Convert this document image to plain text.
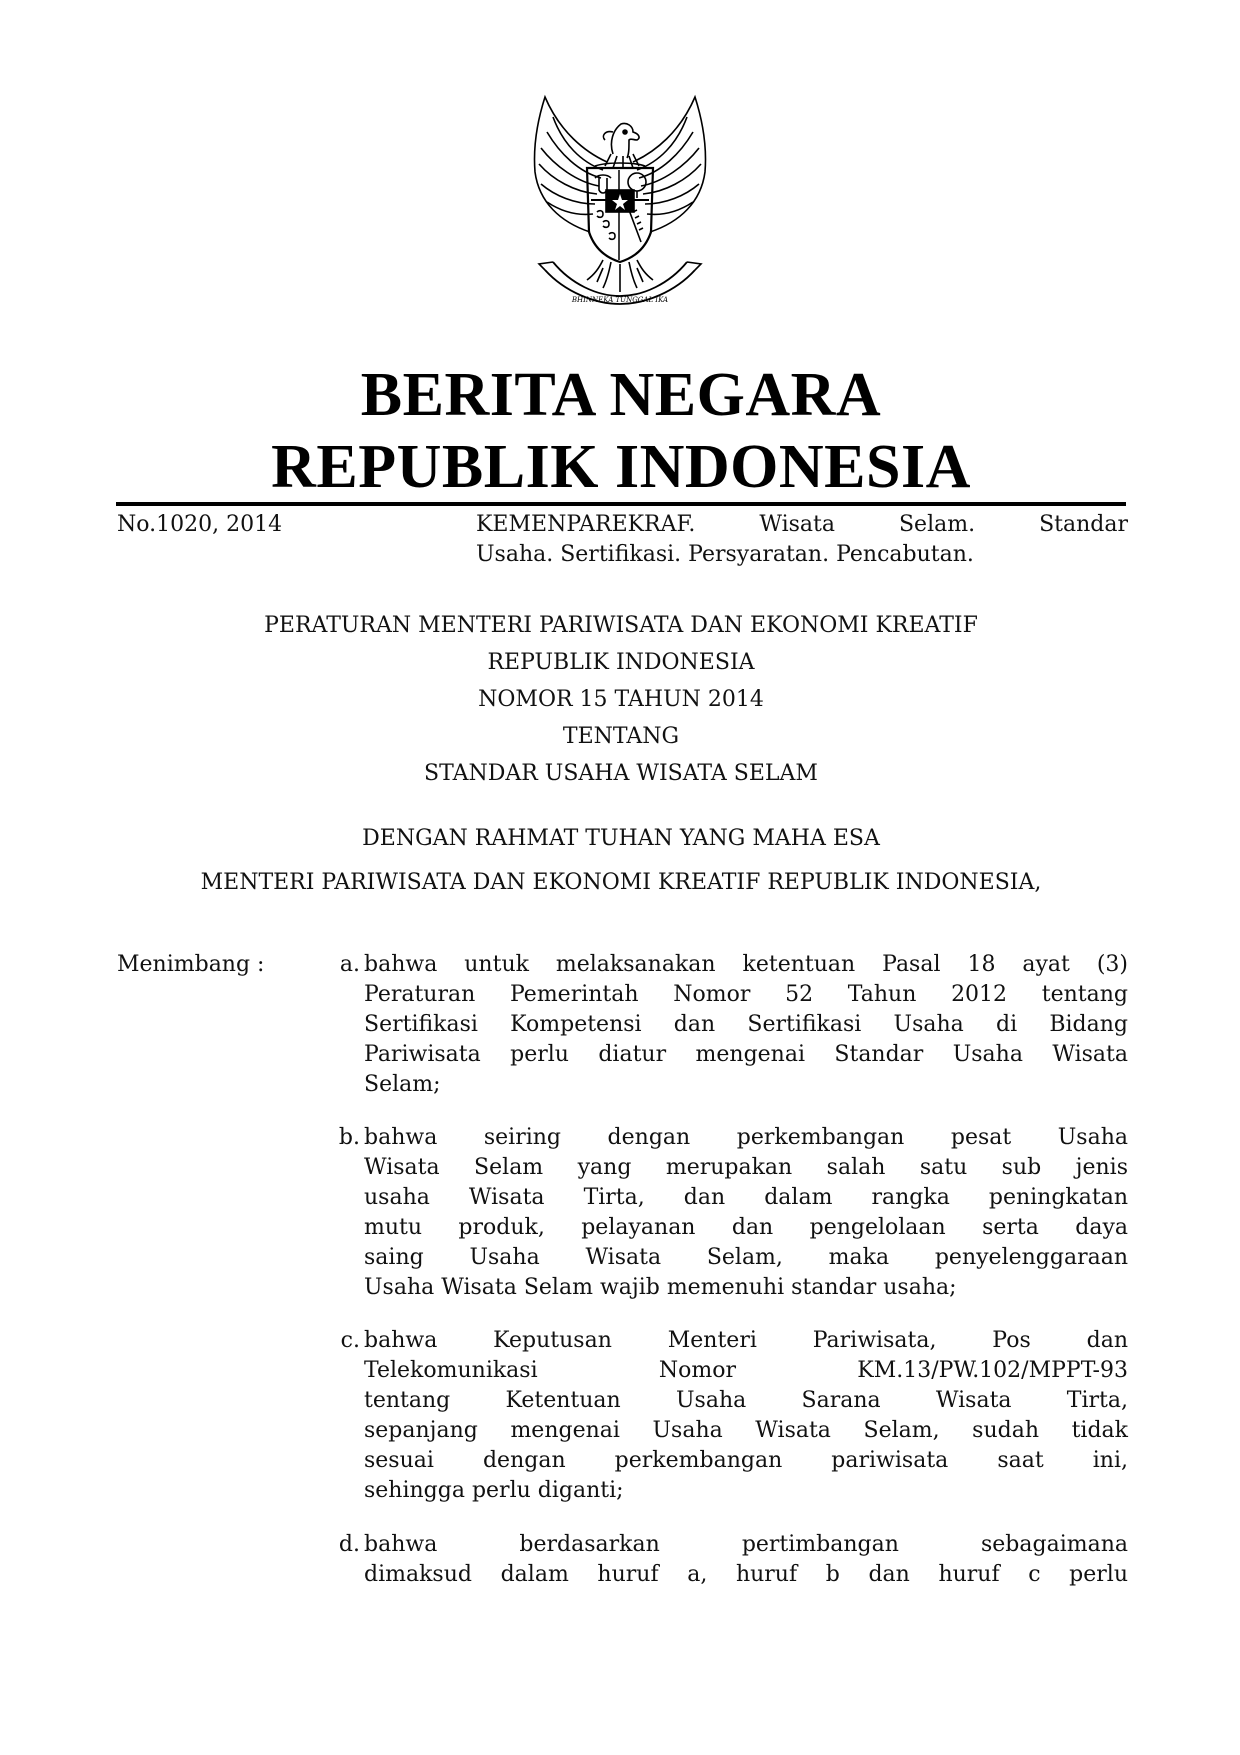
BHINNEKA TUNGGAL IKA
BERITA NEGARA
REPUBLIK INDONESIA
No.1020, 2014	KEMENPAREKRAF. Wisata Selam. Standar
Usaha. Sertifikasi. Persyaratan. Pencabutan.
PERATURAN MENTERI PARIWISATA DAN EKONOMI KREATIF
REPUBLIK INDONESIA
NOMOR 15 TAHUN 2014
TENTANG
STANDAR USAHA WISATA SELAM
DENGAN RAHMAT TUHAN YANG MAHA ESA
MENTERI PARIWISATA DAN EKONOMI KREATIF REPUBLIK INDONESIA,
Menimbang :	a. bahwa untuk melaksanakan ketentuan Pasal 18 ayat (3)
Peraturan Pemerintah Nomor 52 Tahun 2012 tentang
Sertifikasi Kompetensi dan Sertifikasi Usaha di Bidang
Pariwisata perlu diatur mengenai Standar Usaha Wisata
Selam;
b. bahwa seiring dengan perkembangan pesat Usaha
Wisata Selam yang merupakan salah satu sub jenis
usaha Wisata Tirta, dan dalam rangka peningkatan
mutu produk, pelayanan dan pengelolaan serta daya
saing Usaha Wisata Selam, maka penyelenggaraan
Usaha Wisata Selam wajib memenuhi standar usaha;
c. bahwa Keputusan Menteri Pariwisata, Pos dan
Telekomunikasi Nomor KM.13/PW.102/MPPT-93
tentang Ketentuan Usaha Sarana Wisata Tirta,
sepanjang mengenai Usaha Wisata Selam, sudah tidak
sesuai dengan perkembangan pariwisata saat ini,
sehingga perlu diganti;
d. bahwa berdasarkan pertimbangan sebagaimana
dimaksud dalam huruf a, huruf b dan huruf c perlu
